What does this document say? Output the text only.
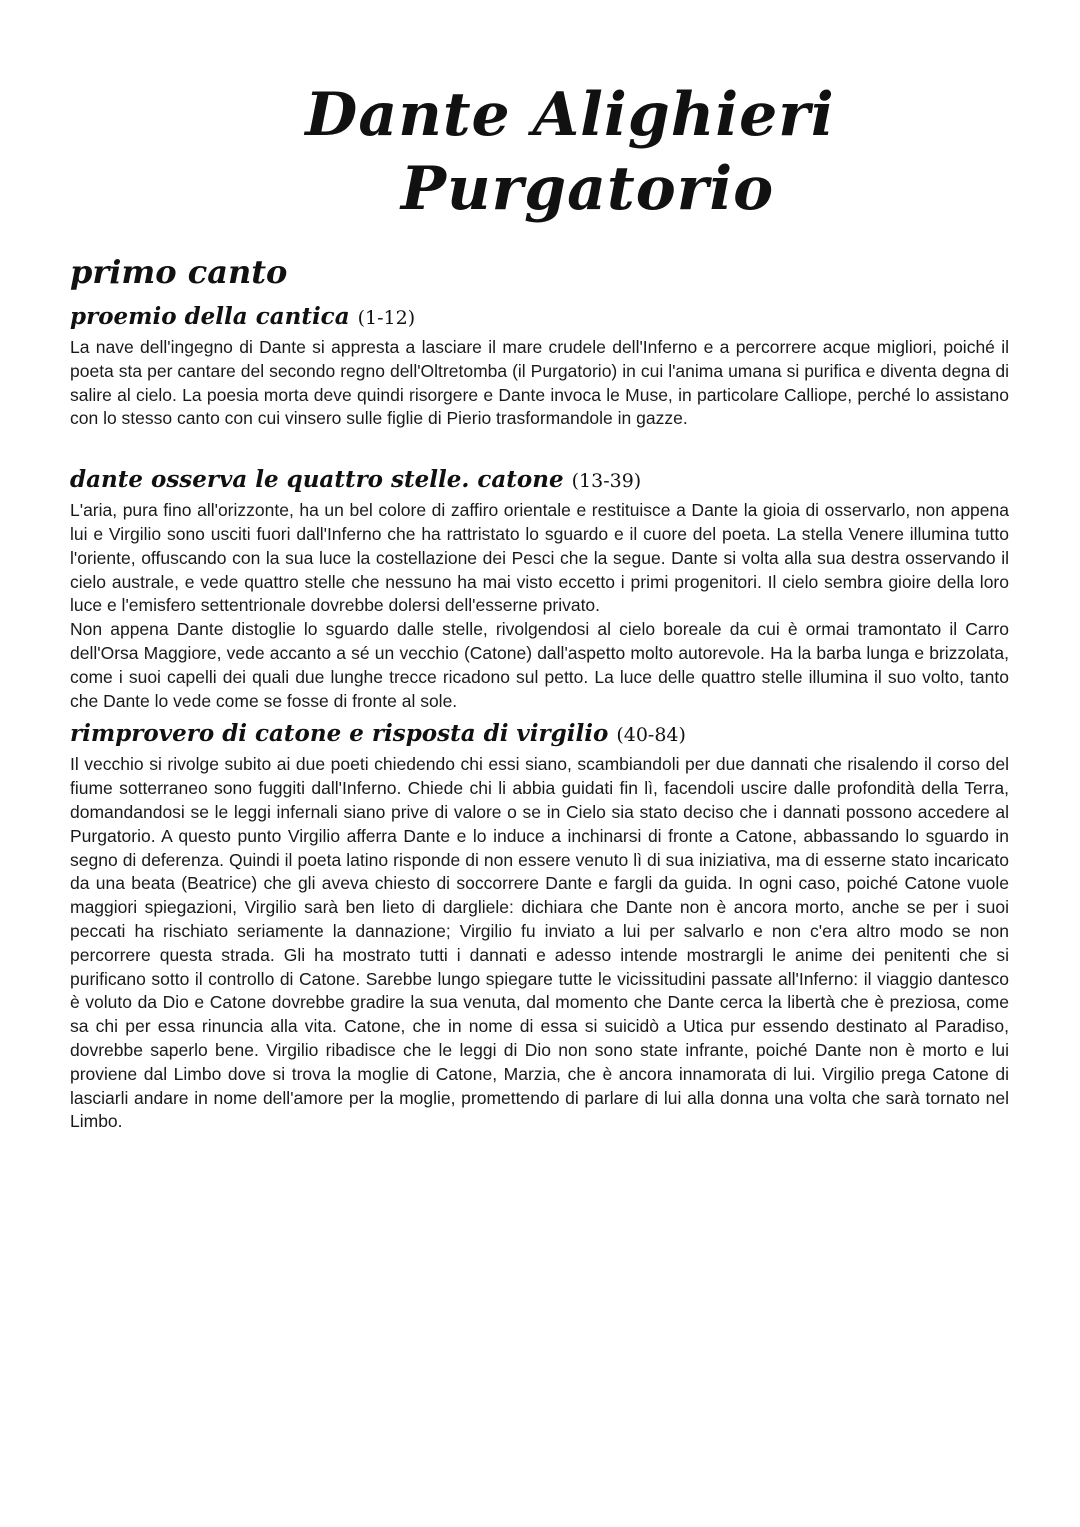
Dante Alighieri
Purgatorio
primo canto
proemio della cantica (1-12)

La nave dell'ingegno di Dante si appresta a lasciare il mare crudele dell'Inferno e a percorrere acque migliori, poiché il poeta sta per cantare del secondo regno dell'Oltretomba (il Purgatorio) in cui l'anima umana si purifica e diventa degna di salire al cielo. La poesia morta deve quindi risorgere e Dante invoca le Muse, in particolare Calliope, perché lo assistano con lo stesso canto con cui vinsero sulle figlie di Pierio trasformandole in gazze.

dante osserva le quattro stelle. catone (13-39)

L'aria, pura fino all'orizzonte, ha un bel colore di zaffiro orientale e restituisce a Dante la gioia di osservarlo, non appena lui e Virgilio sono usciti fuori dall'Inferno che ha rattristato lo sguardo e il cuore del poeta. La stella Venere illumina tutto l'oriente, offuscando con la sua luce la costellazione dei Pesci che la segue. Dante si volta alla sua destra osservando il cielo australe, e vede quattro stelle che nessuno ha mai visto eccetto i primi progenitori. Il cielo sembra gioire della loro luce e l'emisfero settentrionale dovrebbe dolersi dell'esserne privato.

Non appena Dante distoglie lo sguardo dalle stelle, rivolgendosi al cielo boreale da cui è ormai tramontato il Carro dell'Orsa Maggiore, vede accanto a sé un vecchio (Catone) dall'aspetto molto autorevole. Ha la barba lunga e brizzolata, come i suoi capelli dei quali due lunghe trecce ricadono sul petto. La luce delle quattro stelle illumina il suo volto, tanto che Dante lo vede come se fosse di fronte al sole.

rimprovero di catone e risposta di virgilio (40-84)

Il vecchio si rivolge subito ai due poeti chiedendo chi essi siano, scambiandoli per due dannati che risalendo il corso del fiume sotterraneo sono fuggiti dall'Inferno. Chiede chi li abbia guidati fin lì, facendoli uscire dalle profondità della Terra, domandandosi se le leggi infernali siano prive di valore o se in Cielo sia stato deciso che i dannati possono accedere al Purgatorio. A questo punto Virgilio afferra Dante e lo induce a inchinarsi di fronte a Catone, abbassando lo sguardo in segno di deferenza. Quindi il poeta latino risponde di non essere venuto lì di sua iniziativa, ma di esserne stato incaricato da una beata (Beatrice) che gli aveva chiesto di soccorrere Dante e fargli da guida. In ogni caso, poiché Catone vuole maggiori spiegazioni, Virgilio sarà ben lieto di dargliele: dichiara che Dante non è ancora morto, anche se per i suoi peccati ha rischiato seriamente la dannazione; Virgilio fu inviato a lui per salvarlo e non c'era altro modo se non percorrere questa strada. Gli ha mostrato tutti i dannati e adesso intende mostrargli le anime dei penitenti che si purificano sotto il controllo di Catone. Sarebbe lungo spiegare tutte le vicissitudini passate all'Inferno: il viaggio dantesco è voluto da Dio e Catone dovrebbe gradire la sua venuta, dal momento che Dante cerca la libertà che è preziosa, come sa chi per essa rinuncia alla vita. Catone, che in nome di essa si suicidò a Utica pur essendo destinato al Paradiso, dovrebbe saperlo bene. Virgilio ribadisce che le leggi di Dio non sono state infrante, poiché Dante non è morto e lui proviene dal Limbo dove si trova la moglie di Catone, Marzia, che è ancora innamorata di lui. Virgilio prega Catone di lasciarli andare in nome dell'amore per la moglie, promettendo di parlare di lui alla donna una volta che sarà tornato nel Limbo.
